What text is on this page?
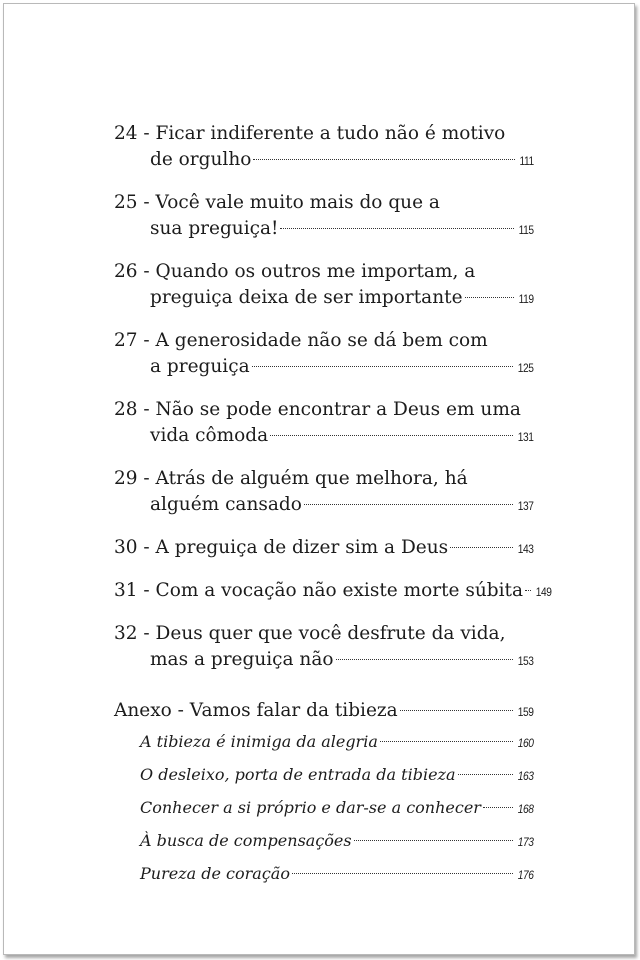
24 - Ficar indiferente a tudo não é motivo
de orgulho	111
25 - Você vale muito mais do que a
sua preguiça!	115
26 - Quando os outros me importam, a
preguiça deixa de ser importante	119
27 - A generosidade não se dá bem com
a preguiça	125
28 - Não se pode encontrar a Deus em uma
vida cômoda	131
29 - Atrás de alguém que melhora, há
alguém cansado	137
30 - A preguiça de dizer sim a Deus	143
31 - Com a vocação não existe morte súbita 149
32 - Deus quer que você desfrute da vida,
mas a preguiça não	153
Anexo - Vamos falar da tibieza	159
A tibieza é inimiga da alegria	160
O desleixo, porta de entrada da tibieza	163
Conhecer a si próprio e dar-se a conhecer	168
À busca de compensações	173
Pureza de coração	176
